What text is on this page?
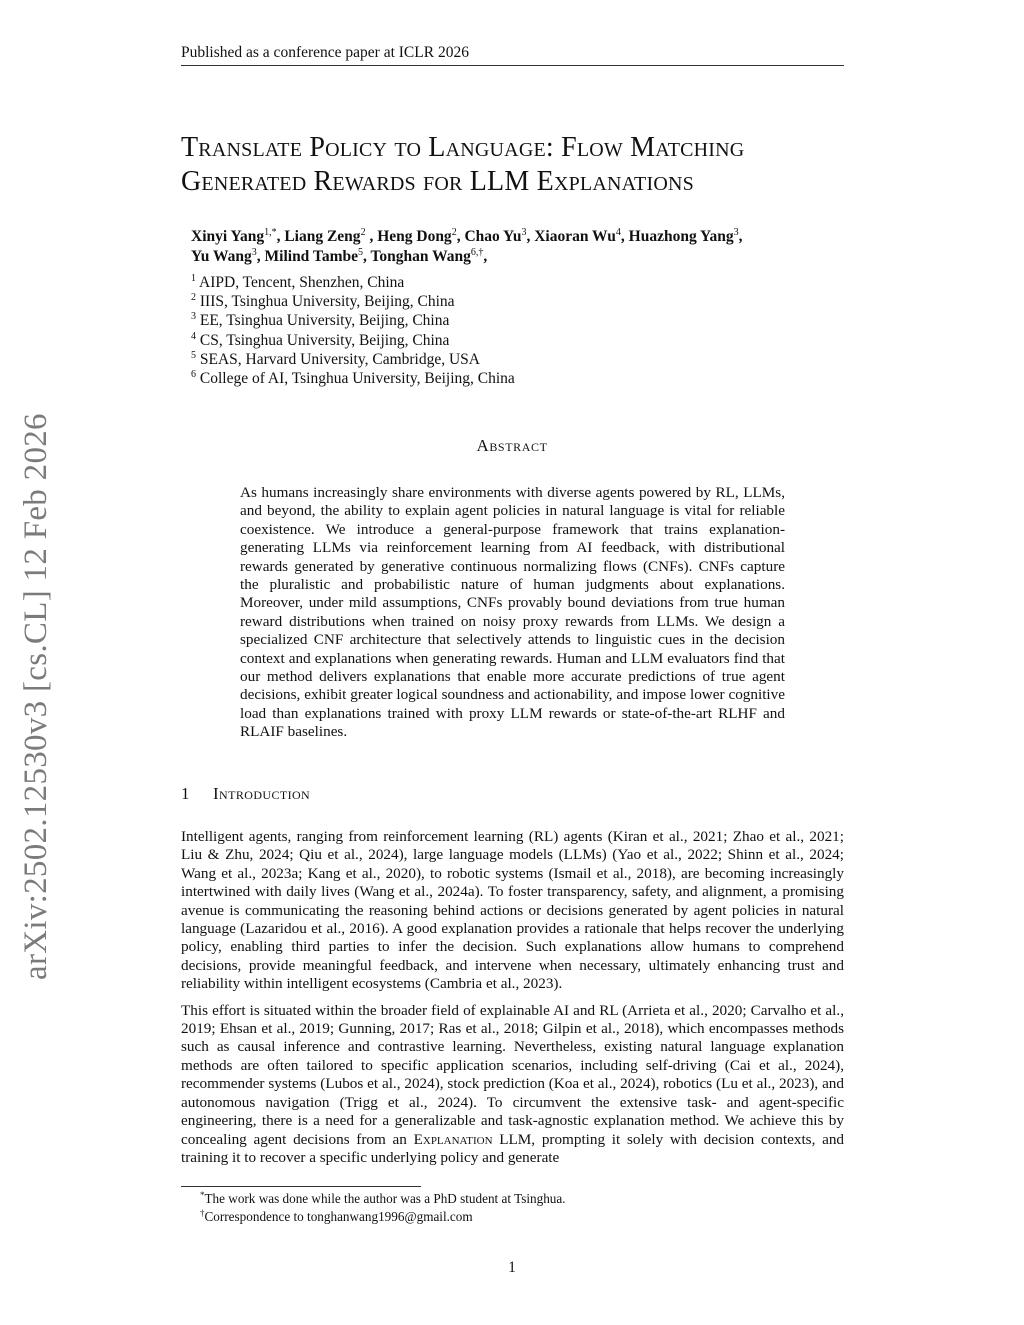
Published as a conference paper at ICLR 2026
arXiv:2502.12530v3 [cs.CL] 12 Feb 2026
Translate Policy to Language: Flow Matching
Generated Rewards for LLM Explanations
Xinyi Yang$^{1,*}$, Liang Zeng$^2$ , Heng Dong$^2$, Chao Yu$^3$, Xiaoran Wu$^4$, Huazhong Yang$^3$,
Yu Wang$^3$, Milind Tambe$^5$, Tonghan Wang$^{6,\dagger}$,
$^1$ AIPD, Tencent, Shenzhen, China
$^2$ IIIS, Tsinghua University, Beijing, China
$^3$ EE, Tsinghua University, Beijing, China
$^4$ CS, Tsinghua University, Beijing, China
$^5$ SEAS, Harvard University, Cambridge, USA
$^6$ College of AI, Tsinghua University, Beijing, China
Abstract
As humans increasingly share environments with diverse agents powered by RL, LLMs, and beyond, the ability to explain agent policies in natural language is vital for reliable coexistence. We introduce a general-purpose framework that trains explanation-generating LLMs via reinforcement learning from AI feedback, with distributional rewards generated by generative continuous normalizing flows (CNFs). CNFs capture the pluralistic and probabilistic nature of human judgments about explanations. Moreover, under mild assumptions, CNFs provably bound deviations from true human reward distributions when trained on noisy proxy rewards from LLMs. We design a specialized CNF architecture that selectively attends to linguistic cues in the decision context and explanations when generating rewards. Human and LLM evaluators find that our method delivers explanations that enable more accurate predictions of true agent decisions, exhibit greater logical soundness and actionability, and impose lower cognitive load than explanations trained with proxy LLM rewards or state-of-the-art RLHF and RLAIF baselines.
1 Introduction

Intelligent agents, ranging from reinforcement learning (RL) agents (Kiran et al., 2021; Zhao et al., 2021; Liu & Zhu, 2024; Qiu et al., 2024), large language models (LLMs) (Yao et al., 2022; Shinn et al., 2024; Wang et al., 2023a; Kang et al., 2020), to robotic systems (Ismail et al., 2018), are becoming increasingly intertwined with daily lives (Wang et al., 2024a). To foster transparency, safety, and alignment, a promising avenue is communicating the reasoning behind actions or decisions generated by agent policies in natural language (Lazaridou et al., 2016). A good explanation provides a rationale that helps recover the underlying policy, enabling third parties to infer the decision. Such explanations allow humans to comprehend decisions, provide meaningful feedback, and intervene when necessary, ultimately enhancing trust and reliability within intelligent ecosystems (Cambria et al., 2023).

This effort is situated within the broader field of explainable AI and RL (Arrieta et al., 2020; Carvalho et al., 2019; Ehsan et al., 2019; Gunning, 2017; Ras et al., 2018; Gilpin et al., 2018), which encompasses methods such as causal inference and contrastive learning. Nevertheless, existing natural language explanation methods are often tailored to specific application scenarios, including self-driving (Cai et al., 2024), recommender systems (Lubos et al., 2024), stock prediction (Koa et al., 2024), robotics (Lu et al., 2023), and autonomous navigation (Trigg et al., 2024). To circumvent the extensive task- and agent-specific engineering, there is a need for a generalizable and task-agnostic explanation method. We achieve this by concealing agent decisions from an Explanation LLM, prompting it solely with decision contexts, and training it to recover a specific underlying policy and generate

*The work was done while the author was a PhD student at Tsinghua.
†Correspondence to tonghanwang1996@gmail.com
1
